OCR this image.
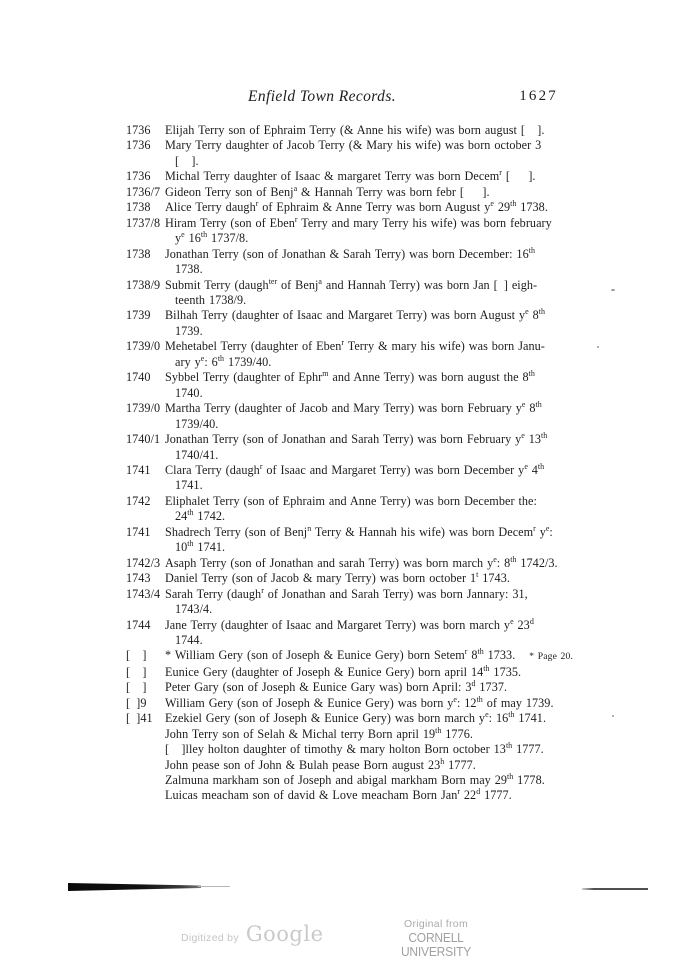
Enfield Town Records.	1627
1736	Elijah Terry son of Ephraim Terry (& Anne his wife) was born august [  ].
1736	Mary Terry daughter of Jacob Terry (& Mary his wife) was born october 3
[  ].
1736	Michal Terry daughter of Isaac & margaret Terry was born Decem$^r$ [  ].
1736/7 Gideon Terry son of Benj$^a$ & Hannah Terry was born febr [  ].
1738	Alice Terry daugh$^r$ of Ephraim & Anne Terry was born August $y^e$ 29th 1738.
1737/8 Hiram Terry (son of Eben$^r$ Terry and mary Terry his wife) was born february
$y^e$ 16th 1737/8.
1738	Jonathan Terry (son of Jonathan & Sarah Terry) was born December: 16th
1738.
1738/9 Submit Terry (daugh$^{ter}$ of Benj$^a$ and Hannah Terry) was born Jan [ ] eigh-
teenth 1738/9.
1739	Bilhah Terry (daughter of Isaac and Margaret Terry) was born August $y^e$ 8th
1739.
1739/0 Mehetabel Terry (daughter of Eben$^r$ Terry & mary his wife) was born Janu-
ary $y^e$: 6th 1739/40.
1740	Sybbel Terry (daughter of Ephr$^m$ and Anne Terry) was born august the 8th
1740.
1739/0 Martha Terry (daughter of Jacob and Mary Terry) was born February $y^e$ 8th
1739/40.
1740/1 Jonathan Terry (son of Jonathan and Sarah Terry) was born February $y^e$ 13th
1740/41.
1741	Clara Terry (daugh$^r$ of Isaac and Margaret Terry) was born December $y^e$ 4th
1741.
1742	Eliphalet Terry (son of Ephraim and Anne Terry) was born December the:
24th 1742.
1741	Shadrech Terry (son of Benj$^n$ Terry & Hannah his wife) was born Decem$^r$ $y^e$:
10th 1741.
1742/3 Asaph Terry (son of Jonathan and sarah Terry) was born march $y^e$: 8th 1742/3.
1743	Daniel Terry (son of Jacob & mary Terry) was born october 1$^t$ 1743.
1743/4 Sarah Terry (daugh$^r$ of Jonathan and Sarah Terry) was born Jannary: 31,
1743/4.
1744	Jane Terry (daughter of Isaac and Margaret Terry) was born march $y^e$ 23$^d$
1744.
[  ]	* William Gery (son of Joseph & Eunice Gery) born Setem$^r$ 8th 1733. * Page 20.
[  ]	Eunice Gery (daughter of Joseph & Eunice Gery) born april 14th 1735.
[  ]	Peter Gary (son of Joseph & Eunice Gary was) born April: 3$^d$ 1737.
[ ]9	William Gery (son of Joseph & Eunice Gery) was born $y^e$: 12th of may 1739.
[ ]41	Ezekiel Gery (son of Joseph & Eunice Gery) was born march $y^e$: 16th 1741.
John Terry son of Selah & Michal terry Born april 19th 1776.
[  ]lley holton daughter of timothy & mary holton Born october 13th 1777.
John pease son of John & Bulah pease Born august 23$^h$ 1777.
Zalmuna markham son of Joseph and abigal markham Born may 29th 1778.
Luicas meacham son of david & Love meacham Born Jan$^r$ 22$^d$ 1777.
Digitized by Google	Original from
CORNELL UNIVERSITY
